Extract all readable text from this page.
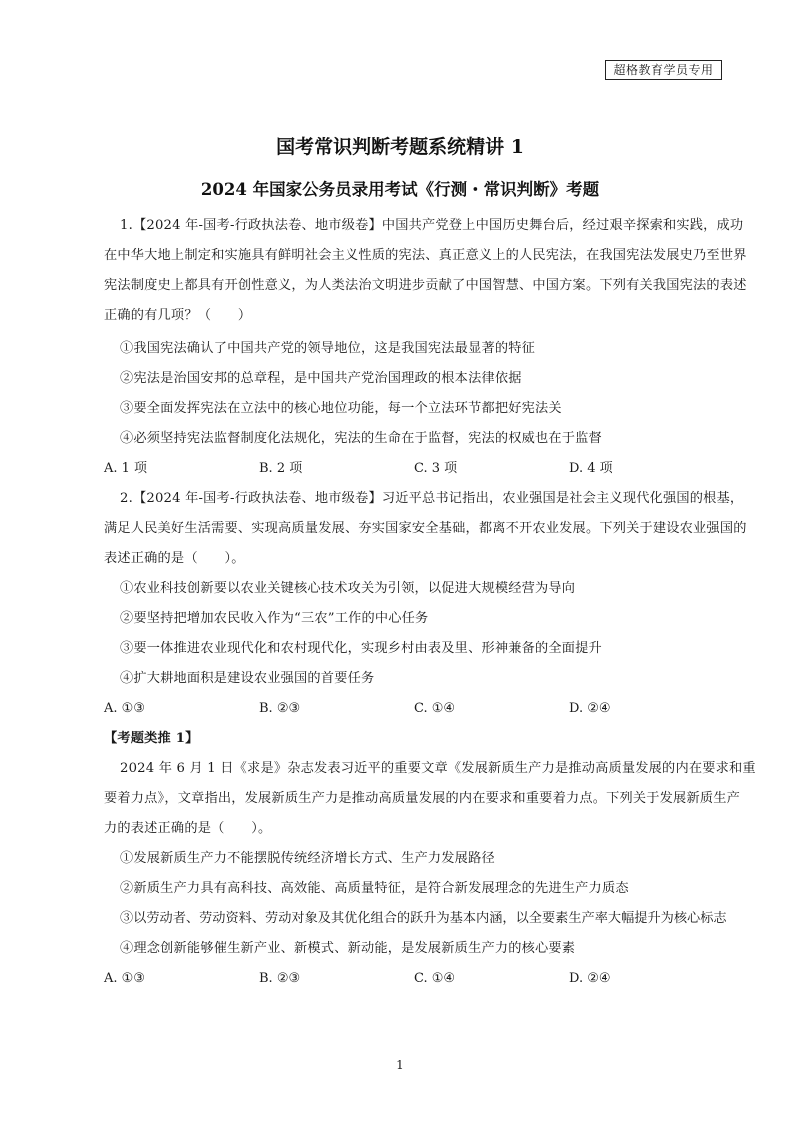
超格教育学员专用
国考常识判断考题系统精讲 1
2024 年国家公务员录用考试《行测・常识判断》考题
1.【2024 年-国考-行政执法卷、地市级卷】中国共产党登上中国历史舞台后，经过艰辛探索和实践，成功
在中华大地上制定和实施具有鲜明社会主义性质的宪法、真正意义上的人民宪法，在我国宪法发展史乃至世界
宪法制度史上都具有开创性意义，为人类法治文明进步贡献了中国智慧、中国方案。下列有关我国宪法的表述
正确的有几项？（　　）
①我国宪法确认了中国共产党的领导地位，这是我国宪法最显著的特征
②宪法是治国安邦的总章程，是中国共产党治国理政的根本法律依据
③要全面发挥宪法在立法中的核心地位功能，每一个立法环节都把好宪法关
④必须坚持宪法监督制度化法规化，宪法的生命在于监督，宪法的权威也在于监督
A. 1 项	B. 2 项	C. 3 项	D. 4 项
2.【2024 年-国考-行政执法卷、地市级卷】习近平总书记指出，农业强国是社会主义现代化强国的根基，
满足人民美好生活需要、实现高质量发展、夯实国家安全基础，都离不开农业发展。下列关于建设农业强国的
表述正确的是（　　）。
①农业科技创新要以农业关键核心技术攻关为引领，以促进大规模经营为导向
②要坚持把增加农民收入作为“三农”工作的中心任务
③要一体推进农业现代化和农村现代化，实现乡村由表及里、形神兼备的全面提升
④扩大耕地面积是建设农业强国的首要任务
A. ①③	B. ②③	C. ①④	D. ②④
【考题类推 1】
2024 年 6 月 1 日《求是》杂志发表习近平的重要文章《发展新质生产力是推动高质量发展的内在要求和重
要着力点》，文章指出，发展新质生产力是推动高质量发展的内在要求和重要着力点。下列关于发展新质生产
力的表述正确的是（　　）。
①发展新质生产力不能摆脱传统经济增长方式、生产力发展路径
②新质生产力具有高科技、高效能、高质量特征，是符合新发展理念的先进生产力质态
③以劳动者、劳动资料、劳动对象及其优化组合的跃升为基本内涵，以全要素生产率大幅提升为核心标志
④理念创新能够催生新产业、新模式、新动能，是发展新质生产力的核心要素
A. ①③	B. ②③	C. ①④	D. ②④
1
